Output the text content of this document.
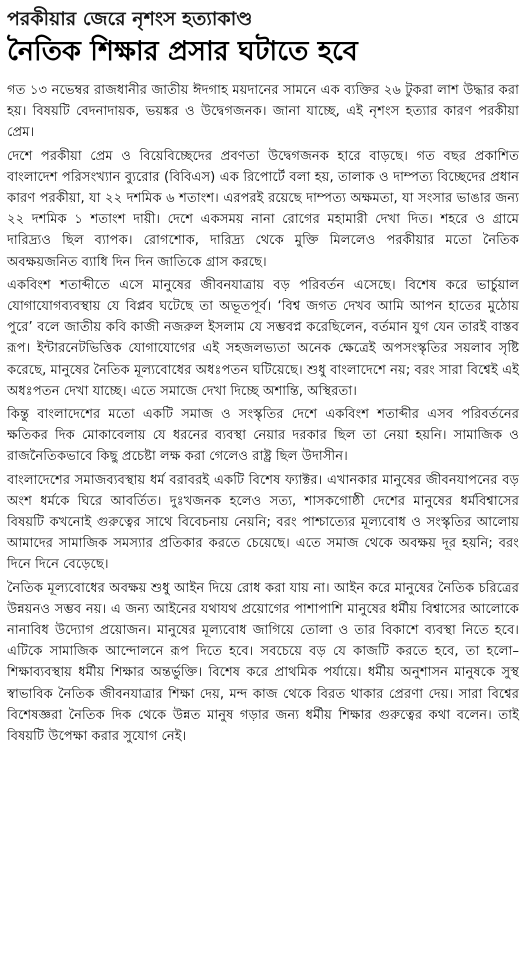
পরকীয়ার জেরে নৃশংস হত্যাকাণ্ড
নৈতিক শিক্ষার প্রসার ঘটাতে হবে

গত ১৩ নভেম্বর রাজধানীর জাতীয় ঈদগাহ ময়দানের সামনে এক ব্যক্তির ২৬ টুকরা লাশ উদ্ধার করা হয়। বিষয়টি বেদনাদায়ক, ভয়ঙ্কর ও উদ্বেগজনক। জানা যাচ্ছে, এই নৃশংস হত্যার কারণ পরকীয়া প্রেম।

দেশে পরকীয়া প্রেম ও বিয়েবিচ্ছেদের প্রবণতা উদ্বেগজনক হারে বাড়ছে। গত বছর প্রকাশিত বাংলাদেশ পরিসংখ্যান ব্যুরোর (বিবিএস) এক রিপোর্টে বলা হয়, তালাক ও দাম্পত্য বিচ্ছেদের প্রধান কারণ পরকীয়া, যা ২২ দশমিক ৬ শতাংশ। এরপরই রয়েছে দাম্পত্য অক্ষমতা, যা সংসার ভাঙার জন্য ২২ দশমিক ১ শতাংশ দায়ী। দেশে একসময় নানা রোগের মহামারী দেখা দিত। শহরে ও গ্রামে দারিদ্র্যও ছিল ব্যাপক। রোগশোক, দারিদ্র্য থেকে মুক্তি মিললেও পরকীয়ার মতো নৈতিক অবক্ষয়জনিত ব্যাধি দিন দিন জাতিকে গ্রাস করছে।

একবিংশ শতাব্দীতে এসে মানুষের জীবনযাত্রায় বড় পরিবর্তন এসেছে। বিশেষ করে ভার্চুয়াল যোগাযোগব্যবস্থায় যে বিপ্লব ঘটেছে তা অভূতপূর্ব। ‘বিশ্ব জগত দেখব আমি আপন হাতের মুঠোয় পুরে’ বলে জাতীয় কবি কাজী নজরুল ইসলাম যে সম্ভবপ্ন করেছিলেন, বর্তমান যুগ যেন তারই বাস্তব রূপ। ইন্টারনেটভিত্তিক যোগাযোগের এই সহজলভ্যতা অনেক ক্ষেত্রেই অপসংস্কৃতির সয়লাব সৃষ্টি করেছে, মানুষের নৈতিক মূল্যবোধের অধঃপতন ঘটিয়েছে। শুধু বাংলাদেশে নয়; বরং সারা বিশ্বেই এই অধঃপতন দেখা যাচ্ছে। এতে সমাজে দেখা দিচ্ছে অশান্তি, অস্থিরতা।

কিন্তু বাংলাদেশের মতো একটি সমাজ ও সংস্কৃতির দেশে একবিংশ শতাব্দীর এসব পরিবর্তনের ক্ষতিকর দিক মোকাবেলায় যে ধরনের ব্যবস্থা নেয়ার দরকার ছিল তা নেয়া হয়নি। সামাজিক ও রাজনৈতিকভাবে কিছু প্রচেষ্টা লক্ষ করা গেলেও রাষ্ট্র ছিল উদাসীন।

বাংলাদেশের সমাজব্যবস্থায় ধর্ম বরাবরই একটি বিশেষ ফ্যাক্টর। এখানকার মানুষের জীবনযাপনের বড় অংশ ধর্মকে ঘিরে আবর্তিত। দুঃখজনক হলেও সত্য, শাসকগোষ্ঠী দেশের মানুষের ধর্মবিশ্বাসের বিষয়টি কখনোই গুরুত্বের সাথে বিবেচনায় নেয়নি; বরং পাশ্চাত্যের মূল্যবোধ ও সংস্কৃতির আলোয় আমাদের সামাজিক সমস্যার প্রতিকার করতে চেয়েছে। এতে সমাজ থেকে অবক্ষয় দূর হয়নি; বরং দিনে দিনে বেড়েছে।

নৈতিক মূল্যবোধের অবক্ষয় শুধু আইন দিয়ে রোধ করা যায় না। আইন করে মানুষের নৈতিক চরিত্রের উন্নয়নও সম্ভব নয়। এ জন্য আইনের যথাযথ প্রয়োগের পাশাপাশি মানুষের ধর্মীয় বিশ্বাসের আলোকে নানাবিধ উদ্যোগ প্রয়োজন। মানুষের মূল্যবোধ জাগিয়ে তোলা ও তার বিকাশে ব্যবস্থা নিতে হবে। এটিকে সামাজিক আন্দোলনে রূপ দিতে হবে। সবচেয়ে বড় যে কাজটি করতে হবে, তা হলো– শিক্ষাব্যবস্থায় ধর্মীয় শিক্ষার অন্তর্ভুক্তি। বিশেষ করে প্রাথমিক পর্যায়ে। ধর্মীয় অনুশাসন মানুষকে সুস্থ স্বাভাবিক নৈতিক জীবনযাত্রার শিক্ষা দেয়, মন্দ কাজ থেকে বিরত থাকার প্রেরণা দেয়। সারা বিশ্বের বিশেষজ্ঞরা নৈতিক দিক থেকে উন্নত মানুষ গড়ার জন্য ধর্মীয় শিক্ষার গুরুত্বের কথা বলেন। তাই বিষয়টি উপেক্ষা করার সুযোগ নেই।
